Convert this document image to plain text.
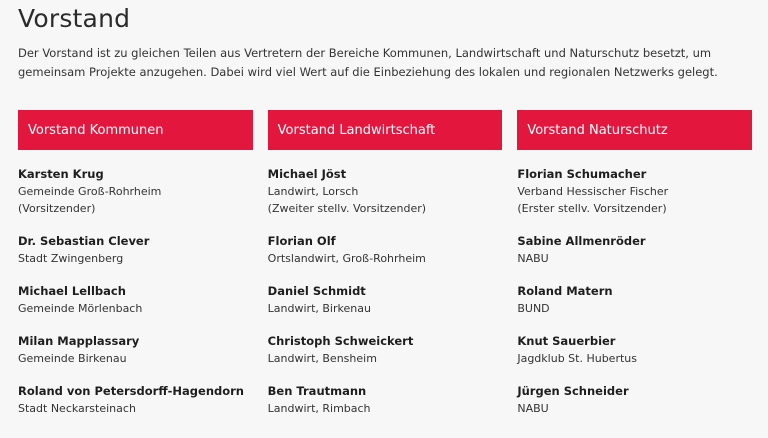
Vorstand

Der Vorstand ist zu gleichen Teilen aus Vertretern der Bereiche Kommunen, Landwirtschaft und Naturschutz besetzt, um gemeinsam Projekte anzugehen. Dabei wird viel Wert auf die Einbeziehung des lokalen und regionalen Netzwerks gelegt.

Vorstand Kommunen
Karsten Krug
Gemeinde Groß-Rohrheim
(Vorsitzender)
Dr. Sebastian Clever
Stadt Zwingenberg
Michael Lellbach
Gemeinde Mörlenbach
Milan Mapplassary
Gemeinde Birkenau
Roland von Petersdorff-Hagendorn
Stadt Neckarsteinach
Vorstand Landwirtschaft
Michael Jöst
Landwirt, Lorsch
(Zweiter stellv. Vorsitzender)
Florian Olf
Ortslandwirt, Groß-Rohrheim
Daniel Schmidt
Landwirt, Birkenau
Christoph Schweickert
Landwirt, Bensheim
Ben Trautmann
Landwirt, Rimbach
Vorstand Naturschutz
Florian Schumacher
Verband Hessischer Fischer
(Erster stellv. Vorsitzender)
Sabine Allmenröder
NABU
Roland Matern
BUND
Knut Sauerbier
Jagdklub St. Hubertus
Jürgen Schneider
NABU
